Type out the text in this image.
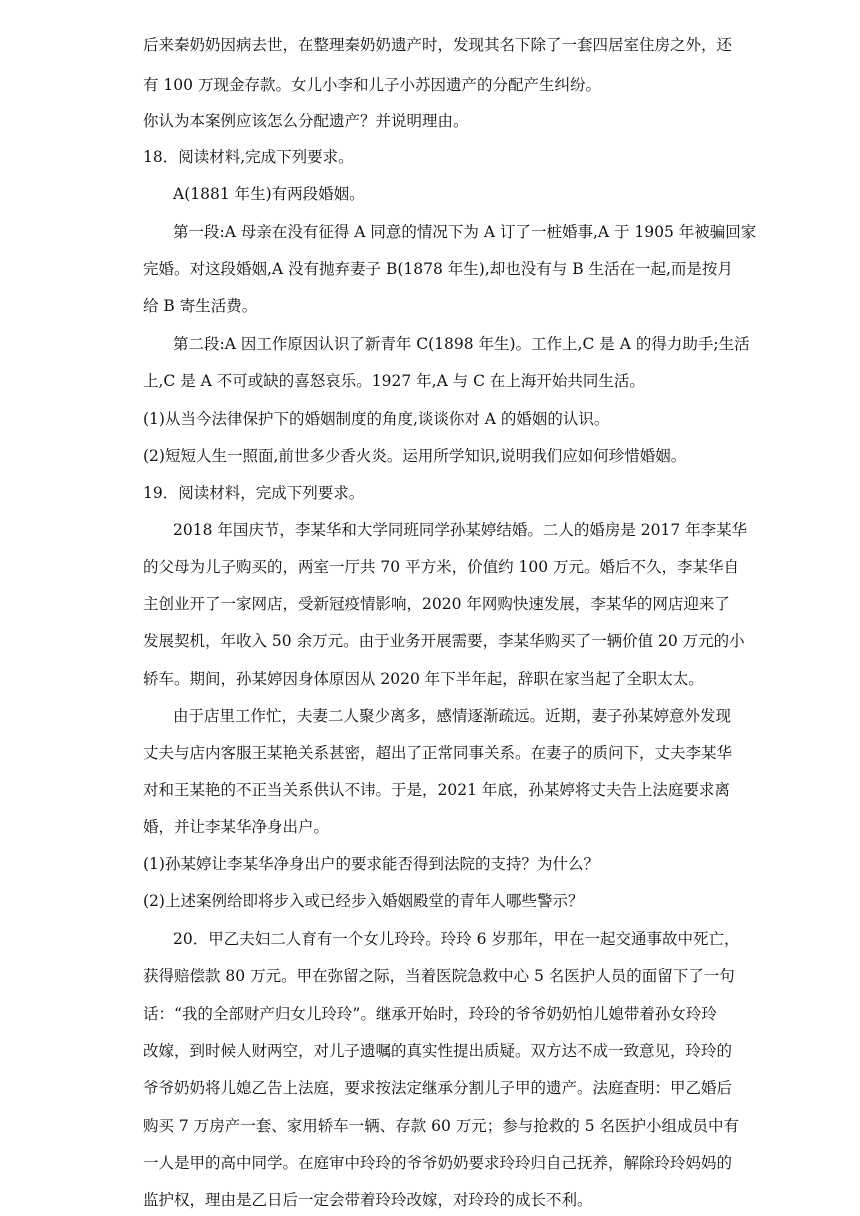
后来秦奶奶因病去世，在整理秦奶奶遗产时，发现其名下除了一套四居室住房之外，还
有 100 万现金存款。女儿小李和儿子小苏因遗产的分配产生纠纷。
你认为本案例应该怎么分配遗产？并说明理由。
18．阅读材料,完成下列要求。
A(1881 年生)有两段婚姻。
第一段:A 母亲在没有征得 A 同意的情况下为 A 订了一桩婚事,A 于 1905 年被骗回家
完婚。对这段婚姻,A 没有抛弃妻子 B(1878 年生),却也没有与 B 生活在一起,而是按月
给 B 寄生活费。
第二段:A 因工作原因认识了新青年 C(1898 年生)。工作上,C 是 A 的得力助手;生活
上,C 是 A 不可或缺的喜怒哀乐。1927 年,A 与 C 在上海开始共同生活。
(1)从当今法律保护下的婚姻制度的角度,谈谈你对 A 的婚姻的认识。
(2)短短人生一照面,前世多少香火炎。运用所学知识,说明我们应如何珍惜婚姻。
19．阅读材料，完成下列要求。
2018 年国庆节，李某华和大学同班同学孙某婷结婚。二人的婚房是 2017 年李某华
的父母为儿子购买的，两室一厅共 70 平方米，价值约 100 万元。婚后不久，李某华自
主创业开了一家网店，受新冠疫情影响，2020 年网购快速发展，李某华的网店迎来了
发展契机，年收入 50 余万元。由于业务开展需要，李某华购买了一辆价值 20 万元的小
轿车。期间，孙某婷因身体原因从 2020 年下半年起，辞职在家当起了全职太太。
由于店里工作忙，夫妻二人聚少离多，感情逐渐疏远。近期，妻子孙某婷意外发现
丈夫与店内客服王某艳关系甚密，超出了正常同事关系。在妻子的质问下，丈夫李某华
对和王某艳的不正当关系供认不讳。于是，2021 年底，孙某婷将丈夫告上法庭要求离
婚，并让李某华净身出户。
(1)孙某婷让李某华净身出户的要求能否得到法院的支持？为什么？
(2)上述案例给即将步入或已经步入婚姻殿堂的青年人哪些警示？
20．甲乙夫妇二人育有一个女儿玲玲。玲玲 6 岁那年，甲在一起交通事故中死亡，
获得赔偿款 80 万元。甲在弥留之际，当着医院急救中心 5 名医护人员的面留下了一句
话：“我的全部财产归女儿玲玲”。继承开始时，玲玲的爷爷奶奶怕儿媳带着孙女玲玲
改嫁，到时候人财两空，对儿子遗嘱的真实性提出质疑。双方达不成一致意见，玲玲的
爷爷奶奶将儿媳乙告上法庭，要求按法定继承分割儿子甲的遗产。法庭查明：甲乙婚后
购买 7 万房产一套、家用轿车一辆、存款 60 万元；参与抢救的 5 名医护小组成员中有
一人是甲的高中同学。在庭审中玲玲的爷爷奶奶要求玲玲归自己抚养，解除玲玲妈妈的
监护权，理由是乙日后一定会带着玲玲改嫁，对玲玲的成长不利。
